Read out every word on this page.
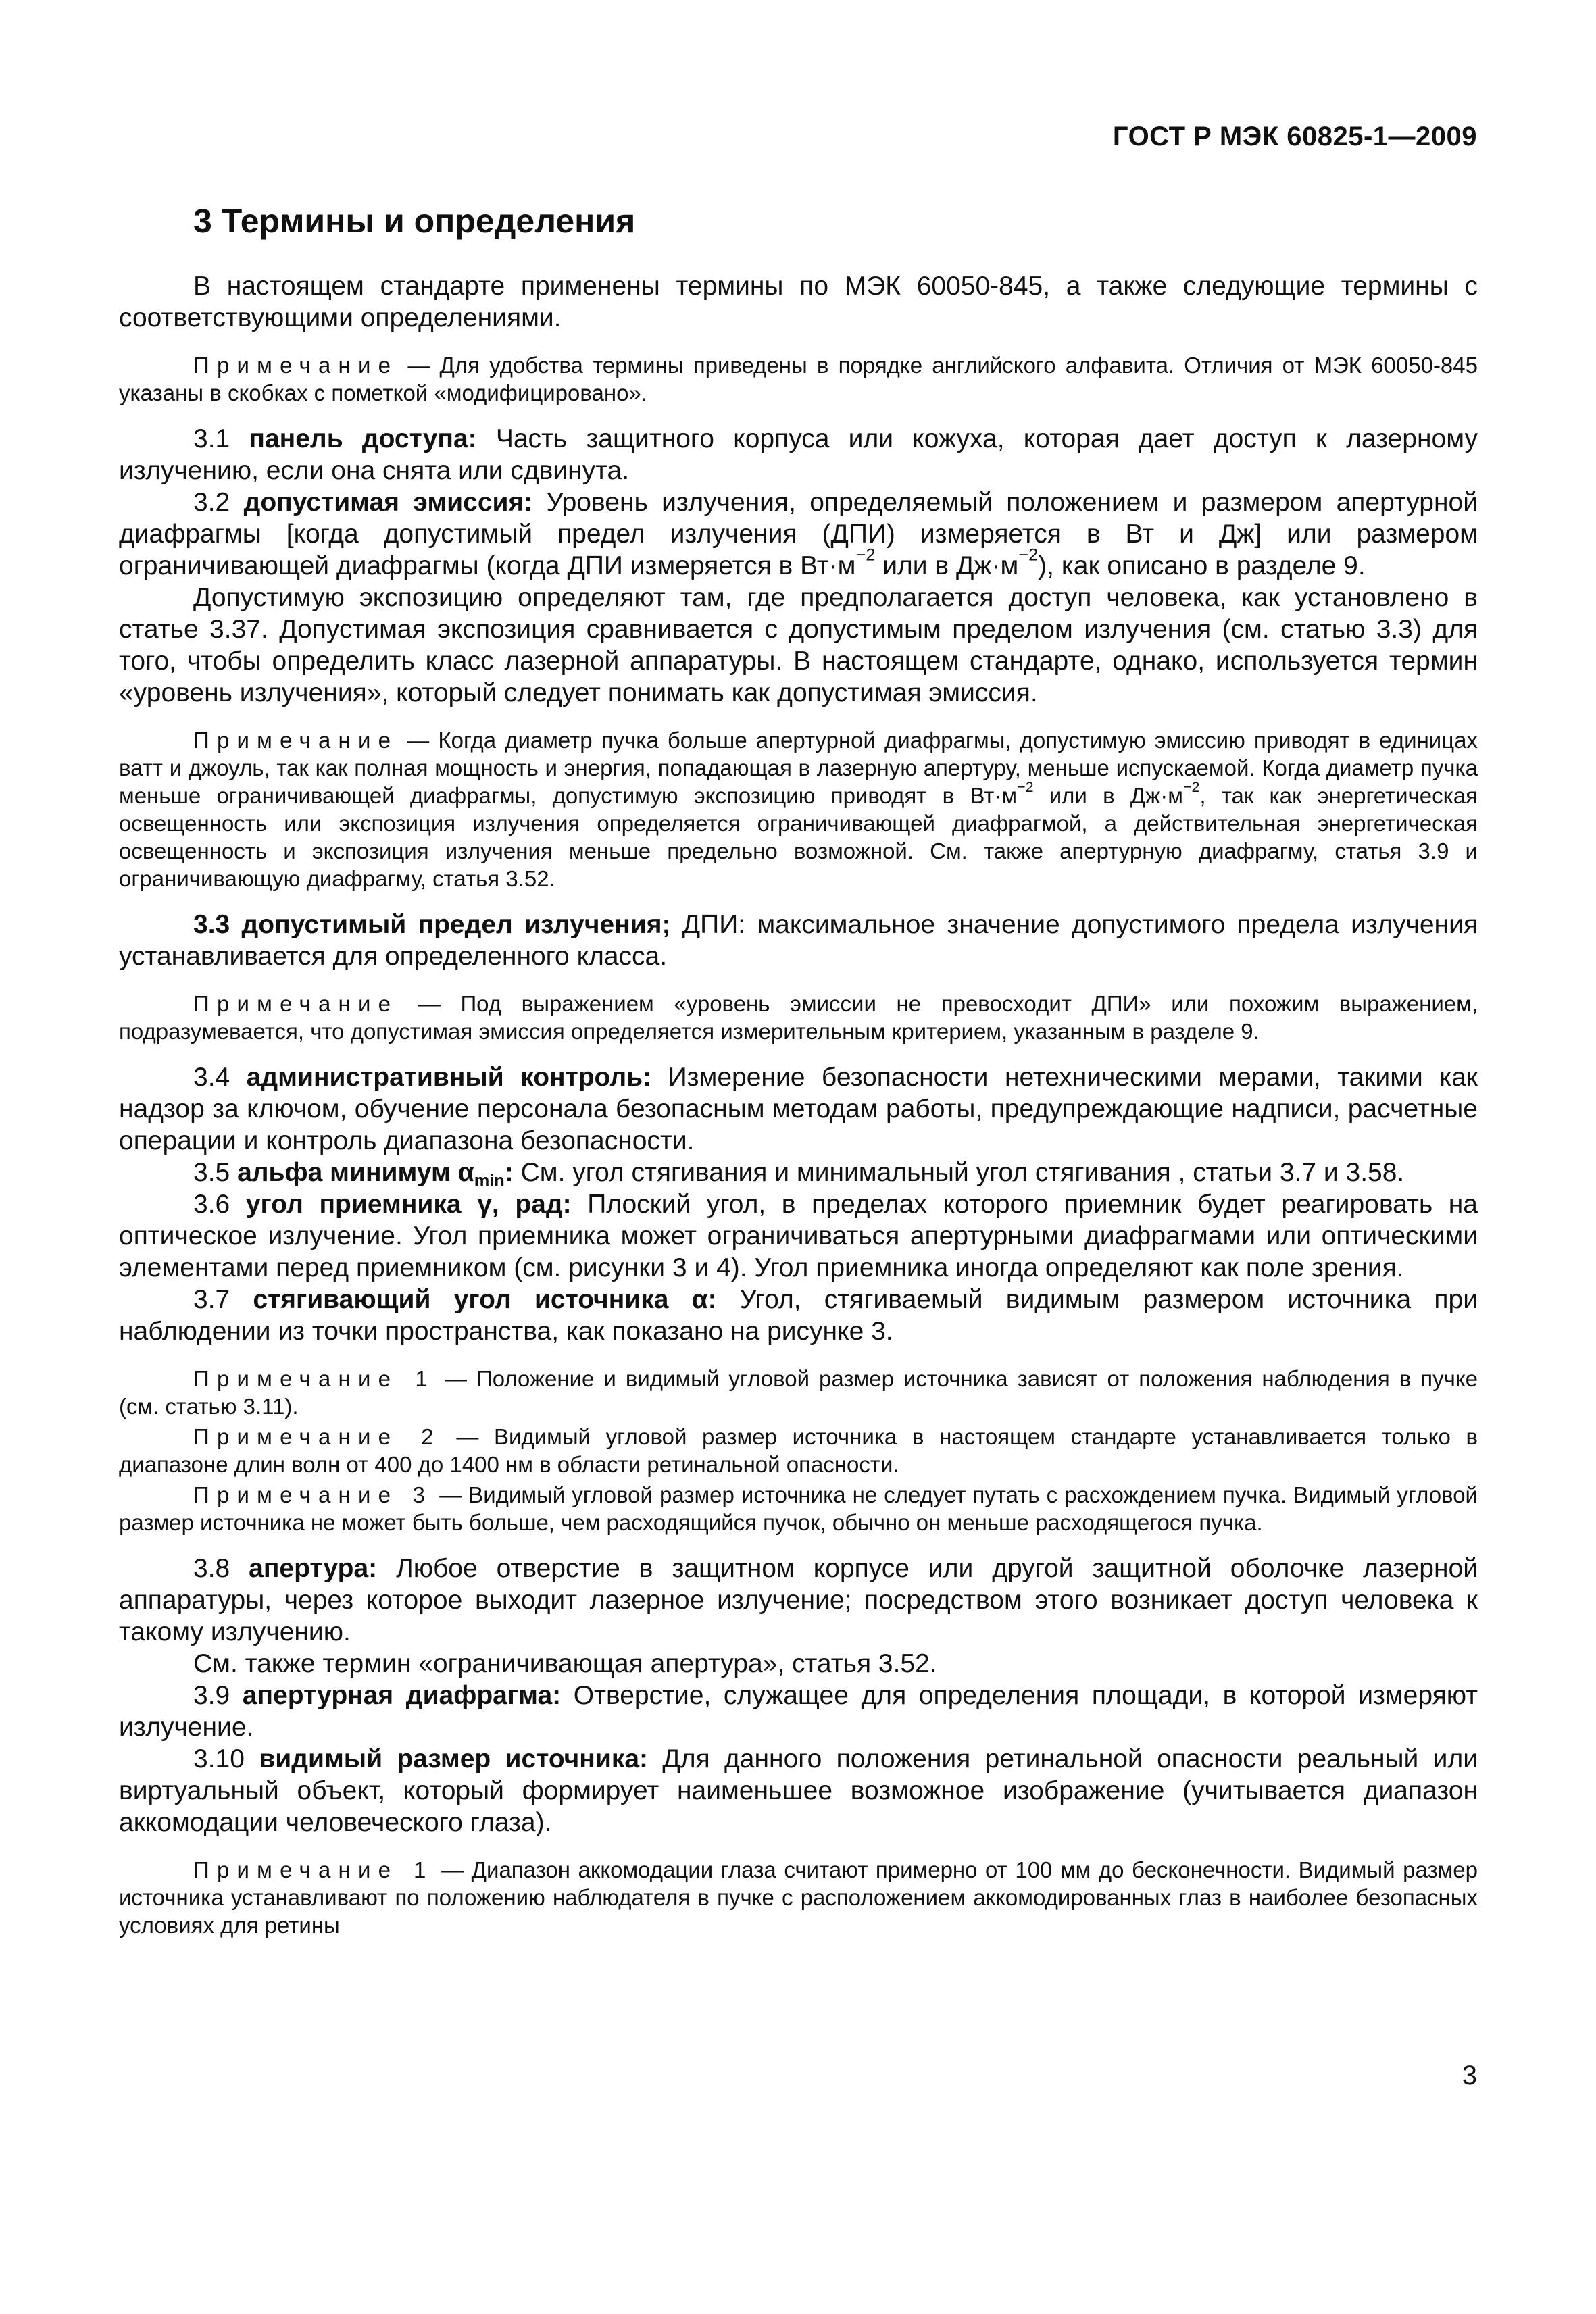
ГОСТ Р МЭК 60825-1—2009
3 Термины и определения

В настоящем стандарте применены термины по МЭК 60050-845, а также следующие термины с соответствующими определениями.

Примечание — Для удобства термины приведены в порядке английского алфавита. Отличия от МЭК 60050-845 указаны в скобках с пометкой «модифицировано».

3.1 панель доступа: Часть защитного корпуса или кожуха, которая дает доступ к лазерному излучению, если она снята или сдвинута.

3.2 допустимая эмиссия: Уровень излучения, определяемый положением и размером апертурной диафрагмы [когда допустимый предел излучения (ДПИ) измеряется в Вт и Дж] или размером ограничивающей диафрагмы (когда ДПИ измеряется в $Вт\cdot м^{-2}$ или в $Дж\cdot м^{-2}$), как описано в разделе 9.

Допустимую экспозицию определяют там, где предполагается доступ человека, как установлено в статье 3.37. Допустимая экспозиция сравнивается с допустимым пределом излучения (см. статью 3.3) для того, чтобы определить класс лазерной аппаратуры. В настоящем стандарте, однако, используется термин «уровень излучения», который следует понимать как допустимая эмиссия.

Примечание — Когда диаметр пучка больше апертурной диафрагмы, допустимую эмиссию приводят в единицах ватт и джоуль, так как полная мощность и энергия, попадающая в лазерную апертуру, меньше испускаемой. Когда диаметр пучка меньше ограничивающей диафрагмы, допустимую экспозицию приводят в $Вт\cdot м^{-2}$ или в $Дж\cdot м^{-2}$, так как энергетическая освещенность или экспозиция излучения определяется ограничивающей диафрагмой, а действительная энергетическая освещенность и экспозиция излучения меньше предельно возможной. См. также апертурную диафрагму, статья 3.9 и ограничивающую диафрагму, статья 3.52.

3.3 допустимый предел излучения; ДПИ: максимальное значение допустимого предела излучения устанавливается для определенного класса.

Примечание — Под выражением «уровень эмиссии не превосходит ДПИ» или похожим выражением, подразумевается, что допустимая эмиссия определяется измерительным критерием, указанным в разделе 9.

3.4 административный контроль: Измерение безопасности нетехническими мерами, такими как надзор за ключом, обучение персонала безопасным методам работы, предупреждающие надписи, расчетные операции и контроль диапазона безопасности.

3.5 альфа минимум $\alpha_{min}$: См. угол стягивания и минимальный угол стягивания , статьи 3.7 и 3.58.

3.6 угол приемника γ, рад: Плоский угол, в пределах которого приемник будет реагировать на оптическое излучение. Угол приемника может ограничиваться апертурными диафрагмами или оптическими элементами перед приемником (см. рисунки 3 и 4). Угол приемника иногда определяют как поле зрения.

3.7 стягивающий угол источника α: Угол, стягиваемый видимым размером источника при наблюдении из точки пространства, как показано на рисунке 3.

Примечание 1 — Положение и видимый угловой размер источника зависят от положения наблюдения в пучке (см. статью 3.11).

Примечание 2 — Видимый угловой размер источника в настоящем стандарте устанавливается только в диапазоне длин волн от 400 до 1400 нм в области ретинальной опасности.

Примечание 3 — Видимый угловой размер источника не следует путать с расхождением пучка. Видимый угловой размер источника не может быть больше, чем расходящийся пучок, обычно он меньше расходящегося пучка.

3.8 апертура: Любое отверстие в защитном корпусе или другой защитной оболочке лазерной аппаратуры, через которое выходит лазерное излучение; посредством этого возникает доступ человека к такому излучению.

См. также термин «ограничивающая апертура», статья 3.52.

3.9 апертурная диафрагма: Отверстие, служащее для определения площади, в которой измеряют излучение.

3.10 видимый размер источника: Для данного положения ретинальной опасности реальный или виртуальный объект, который формирует наименьшее возможное изображение (учитывается диапазон аккомодации человеческого глаза).

Примечание 1 — Диапазон аккомодации глаза считают примерно от 100 мм до бесконечности. Видимый размер источника устанавливают по положению наблюдателя в пучке с расположением аккомодированных глаз в наиболее безопасных условиях для ретины

3
